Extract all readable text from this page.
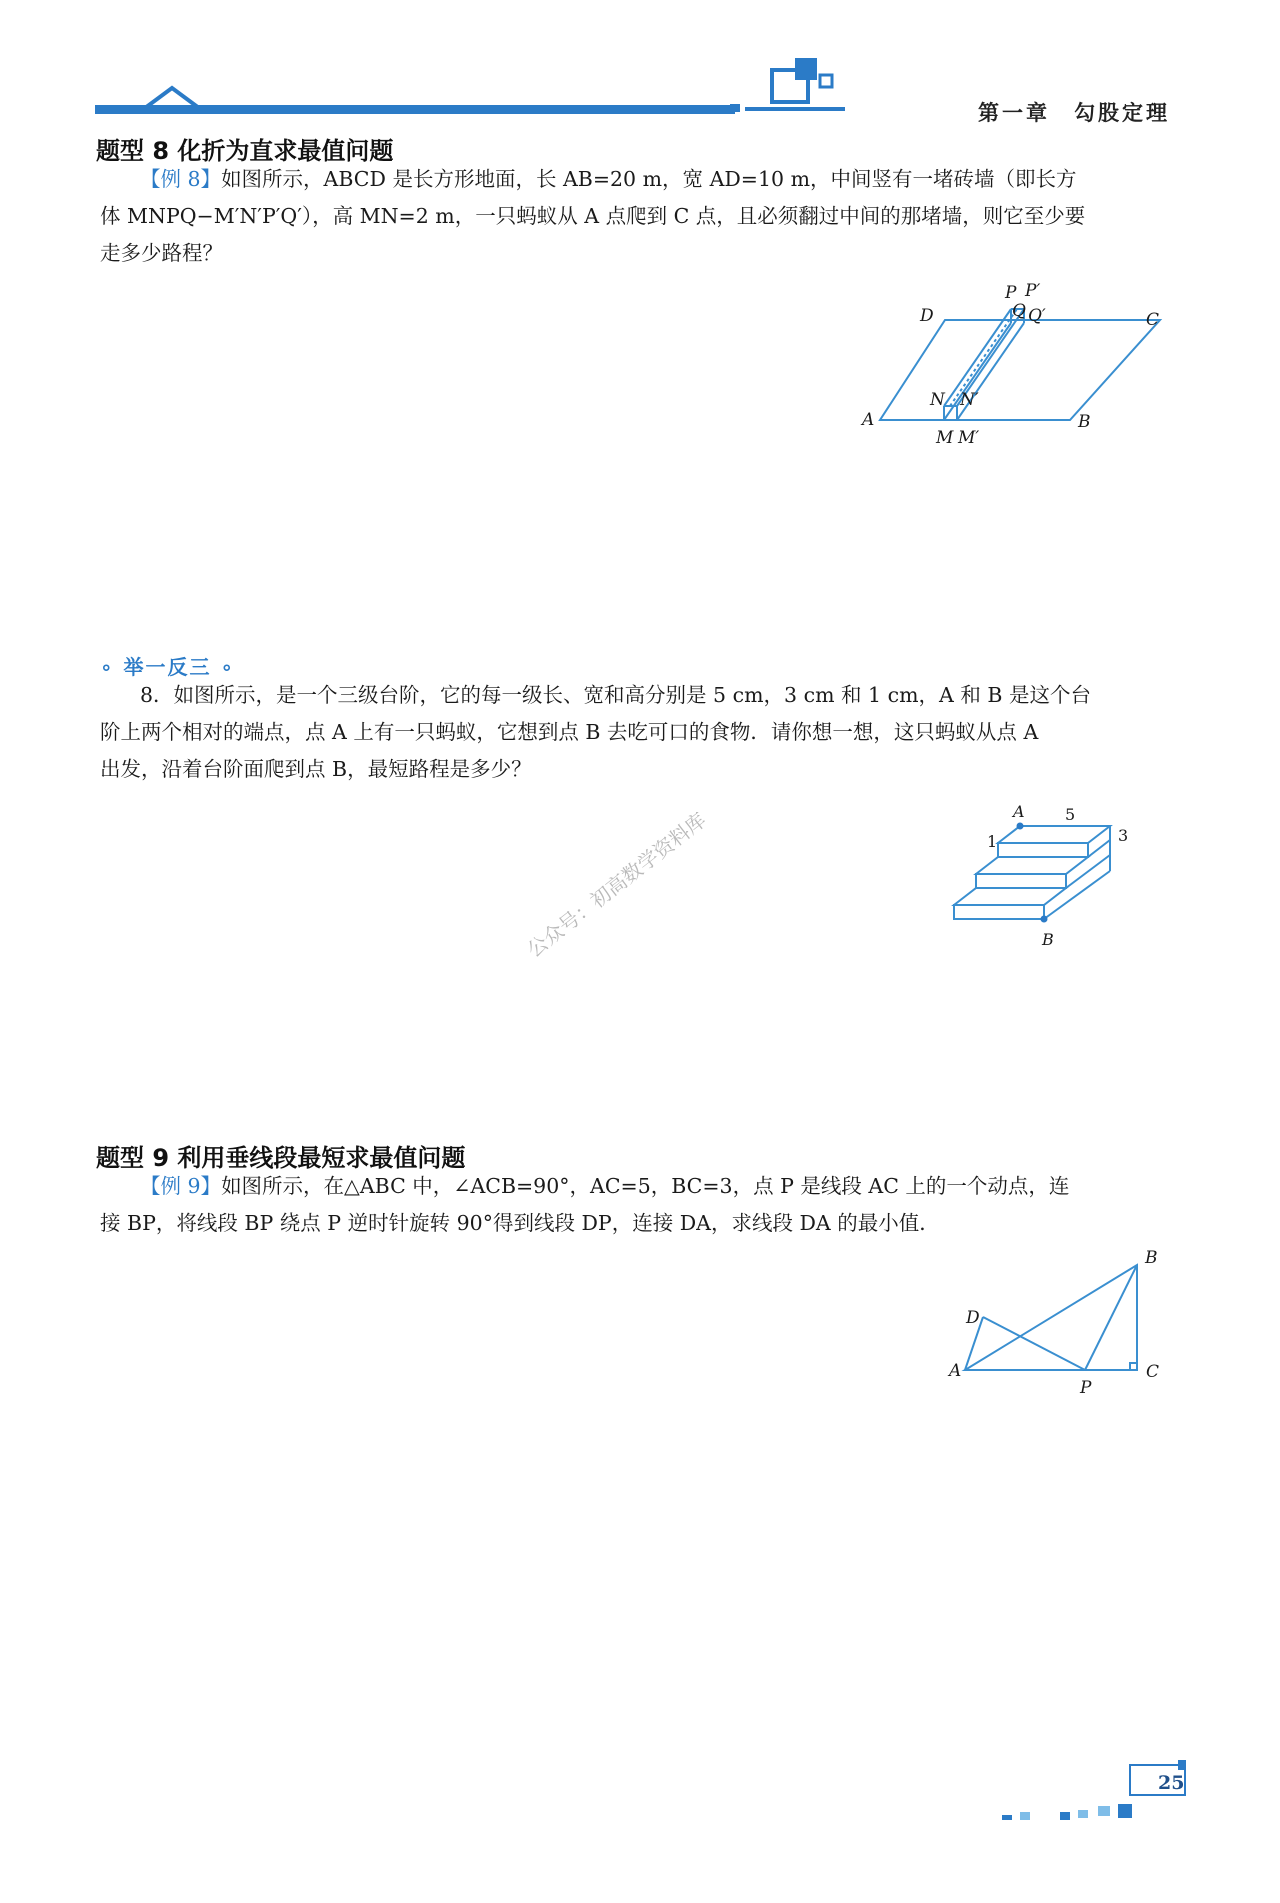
第一章　勾股定理
题型 8 化折为直求最值问题
【例 8】如图所示，ABCD 是长方形地面，长 AB=20 m，宽 AD=10 m，中间竖有一堵砖墙（即长方
体 MNPQ−M′N′P′Q′），高 MN=2 m，一只蚂蚁从 A 点爬到 C 点，且必须翻过中间的那堵墙，则它至少要
走多少路程？
A	B
C
D
M M′
N N′
P P′
Q Q′
∘ 举一反三 ∘
8．如图所示，是一个三级台阶，它的每一级长、宽和高分别是 5 cm，3 cm 和 1 cm，A 和 B 是这个台
阶上两个相对的端点，点 A 上有一只蚂蚁，它想到点 B 去吃可口的食物．请你想一想，这只蚂蚁从点 A
出发，沿着台阶面爬到点 B，最短路程是多少？
A
B
5
3
1
公众号：初高数学资料库
题型 9 利用垂线段最短求最值问题
【例 9】如图所示，在△ABC 中，∠ACB=90°，AC=5，BC=3，点 P 是线段 AC 上的一个动点，连
接 BP，将线段 BP 绕点 P 逆时针旋转 90°得到线段 DP，连接 DA，求线段 DA 的最小值．
A
B
C
D
P
25
